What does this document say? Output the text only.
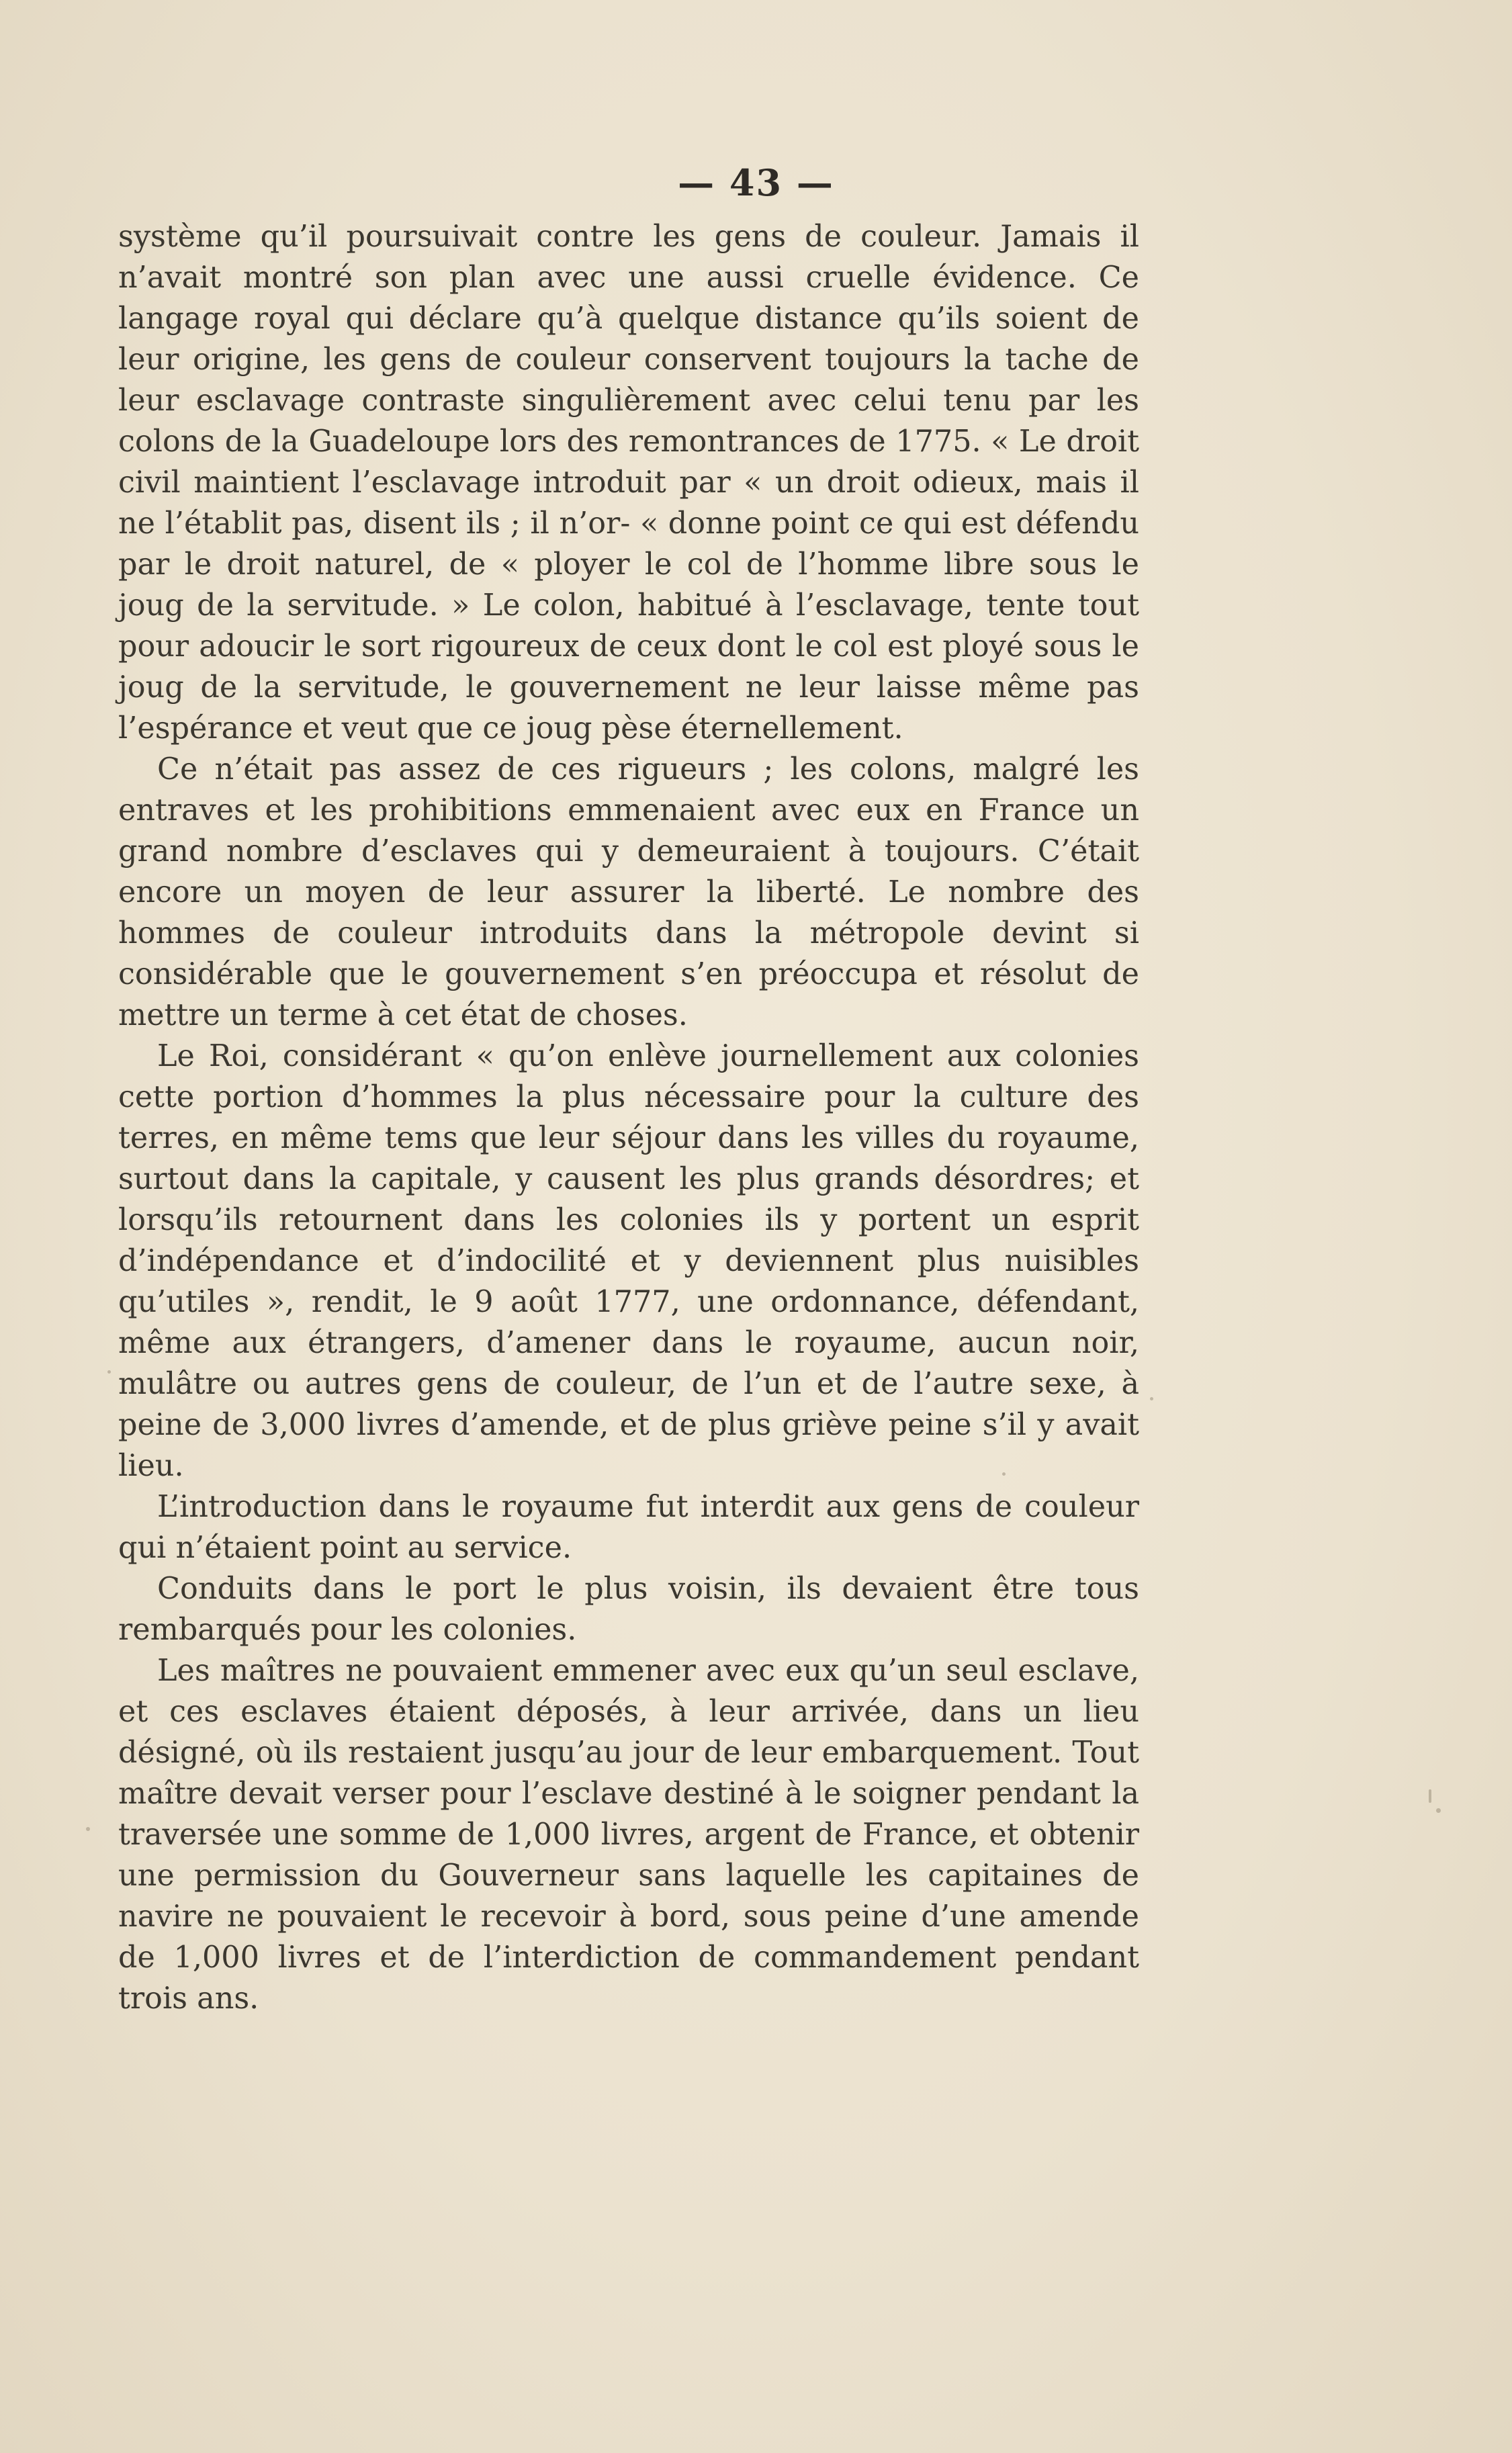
— 43 —

système qu’il poursuivait contre les gens de couleur. Jamais il n’avait montré son plan avec une aussi cruelle évidence. Ce langage royal qui déclare qu’à quelque distance qu’ils soient de leur origine, les gens de couleur conservent toujours la tache de leur esclavage contraste singulièrement avec celui tenu par les colons de la Guadeloupe lors des remontrances de 1775. « Le droit civil maintient l’esclavage introduit par « un droit odieux, mais il ne l’établit pas, disent ils ; il n’or- « donne point ce qui est défendu par le droit naturel, de « ployer le col de l’homme libre sous le joug de la servitude. » Le colon, habitué à l’esclavage, tente tout pour adoucir le sort rigoureux de ceux dont le col est ployé sous le joug de la servitude, le gouvernement ne leur laisse même pas l’espérance et veut que ce joug pèse éternellement.

Ce n’était pas assez de ces rigueurs ; les colons, malgré les entraves et les prohibitions emmenaient avec eux en France un grand nombre d’esclaves qui y demeuraient à toujours. C’était encore un moyen de leur assurer la liberté. Le nombre des hommes de couleur introduits dans la métropole devint si considérable que le gouvernement s’en préoccupa et résolut de mettre un terme à cet état de choses.

Le Roi, considérant « qu’on enlève journellement aux colonies cette portion d’hommes la plus nécessaire pour la culture des terres, en même tems que leur séjour dans les villes du royaume, surtout dans la capitale, y causent les plus grands désordres; et lorsqu’ils retournent dans les colonies ils y portent un esprit d’indépendance et d’indocilité et y deviennent plus nuisibles qu’utiles », rendit, le 9 août 1777, une ordonnance, défendant, même aux étrangers, d’amener dans le royaume, aucun noir, mulâtre ou autres gens de couleur, de l’un et de l’autre sexe, à peine de 3,000 livres d’amende, et de plus griève peine s’il y avait lieu.

L’introduction dans le royaume fut interdit aux gens de couleur qui n’étaient point au service.

Conduits dans le port le plus voisin, ils devaient être tous rembarqués pour les colonies.

Les maîtres ne pouvaient emmener avec eux qu’un seul esclave, et ces esclaves étaient déposés, à leur arrivée, dans un lieu désigné, où ils restaient jusqu’au jour de leur embarquement. Tout maître devait verser pour l’esclave destiné à le soigner pendant la traversée une somme de 1,000 livres, argent de France, et obtenir une permission du Gouverneur sans laquelle les capitaines de navire ne pouvaient le recevoir à bord, sous peine d’une amende de 1,000 livres et de l’interdiction de commandement pendant trois ans.
